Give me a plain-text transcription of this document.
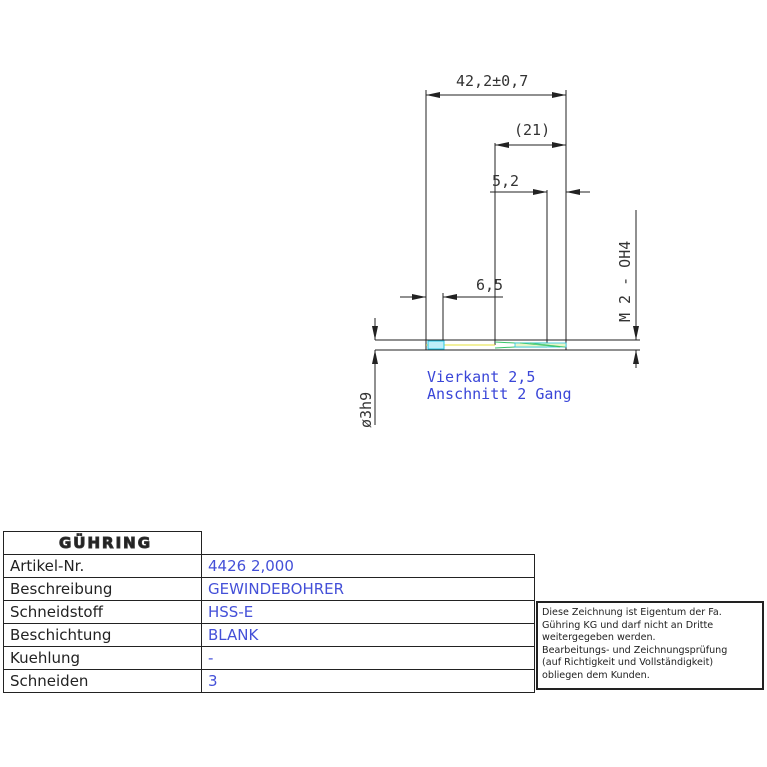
42,2±0,7
(21)
5,2
6,5	M 2 - OH4
ø3h9
Vierkant 2,5
Anschnitt 2 Gang
GÜHRING	
Artikel-Nr.	4426 2,000
Beschreibung	GEWINDEBOHRER
Schneidstoff	HSS-E
Beschichtung	BLANK
Kuehlung	-
Schneiden	3
Diese Zeichnung ist Eigentum der Fa.
Gühring KG und darf nicht an Dritte
weitergegeben werden.
Bearbeitungs- und Zeichnungsprüfung
(auf Richtigkeit und Vollständigkeit)
obliegen dem Kunden.
